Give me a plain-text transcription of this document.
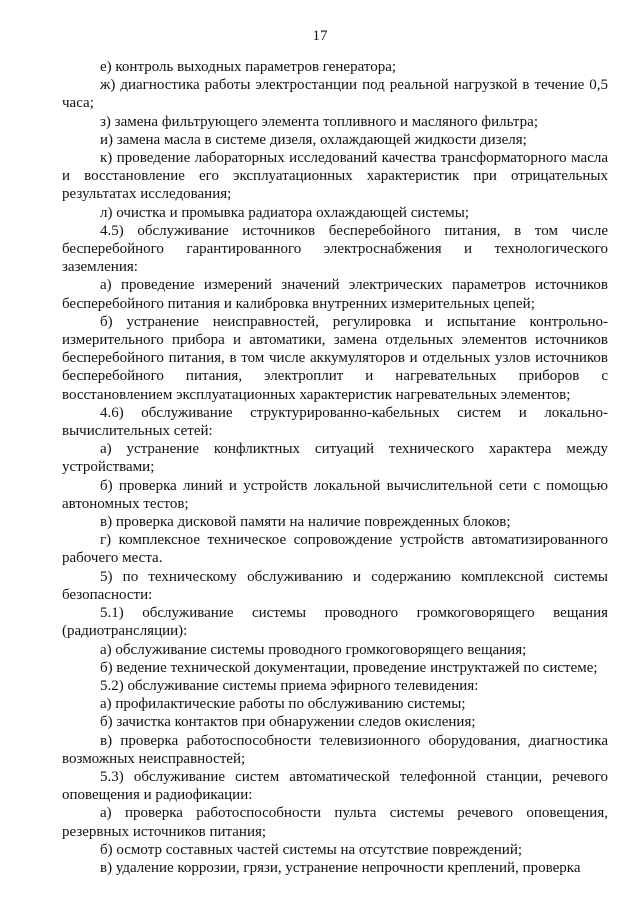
17

е) контроль выходных параметров генератора;

ж) диагностика работы электростанции под реальной нагрузкой в течение 0,5 часа;

з) замена фильтрующего элемента топливного и масляного фильтра;

и) замена масла в системе дизеля, охлаждающей жидкости дизеля;

к) проведение лабораторных исследований качества трансформаторного масла и восстановление его эксплуатационных характеристик при отрицательных результатах исследования;

л) очистка и промывка радиатора охлаждающей системы;

4.5) обслуживание источников бесперебойного питания, в том числе бесперебойного гарантированного электроснабжения и технологического заземления:

а) проведение измерений значений электрических параметров источников бесперебойного питания и калибровка внутренних измерительных цепей;

б) устранение неисправностей, регулировка и испытание контрольно-измерительного прибора и автоматики, замена отдельных элементов источников бесперебойного питания, в том числе аккумуляторов и отдельных узлов источников бесперебойного питания, электроплит и нагревательных приборов с восстановлением эксплуатационных характеристик нагревательных элементов;

4.6) обслуживание структурированно-кабельных систем и локально-вычислительных сетей:

а) устранение конфликтных ситуаций технического характера между устройствами;

б) проверка линий и устройств локальной вычислительной сети с помощью автономных тестов;

в) проверка дисковой памяти на наличие поврежденных блоков;

г) комплексное техническое сопровождение устройств автоматизированного рабочего места.

5) по техническому обслуживанию и содержанию комплексной системы безопасности:

5.1) обслуживание системы проводного громкоговорящего вещания (радиотрансляции):

а) обслуживание системы проводного громкоговорящего вещания;

б) ведение технической документации, проведение инструктажей по системе;

5.2) обслуживание системы приема эфирного телевидения:

а) профилактические работы по обслуживанию системы;

б) зачистка контактов при обнаружении следов окисления;

в) проверка работоспособности телевизионного оборудования, диагностика возможных неисправностей;

5.3) обслуживание систем автоматической телефонной станции, речевого оповещения и радиофикации:

а) проверка работоспособности пульта системы речевого оповещения, резервных источников питания;

б) осмотр составных частей системы на отсутствие повреждений;

в) удаление коррозии, грязи, устранение непрочности креплений, проверка
